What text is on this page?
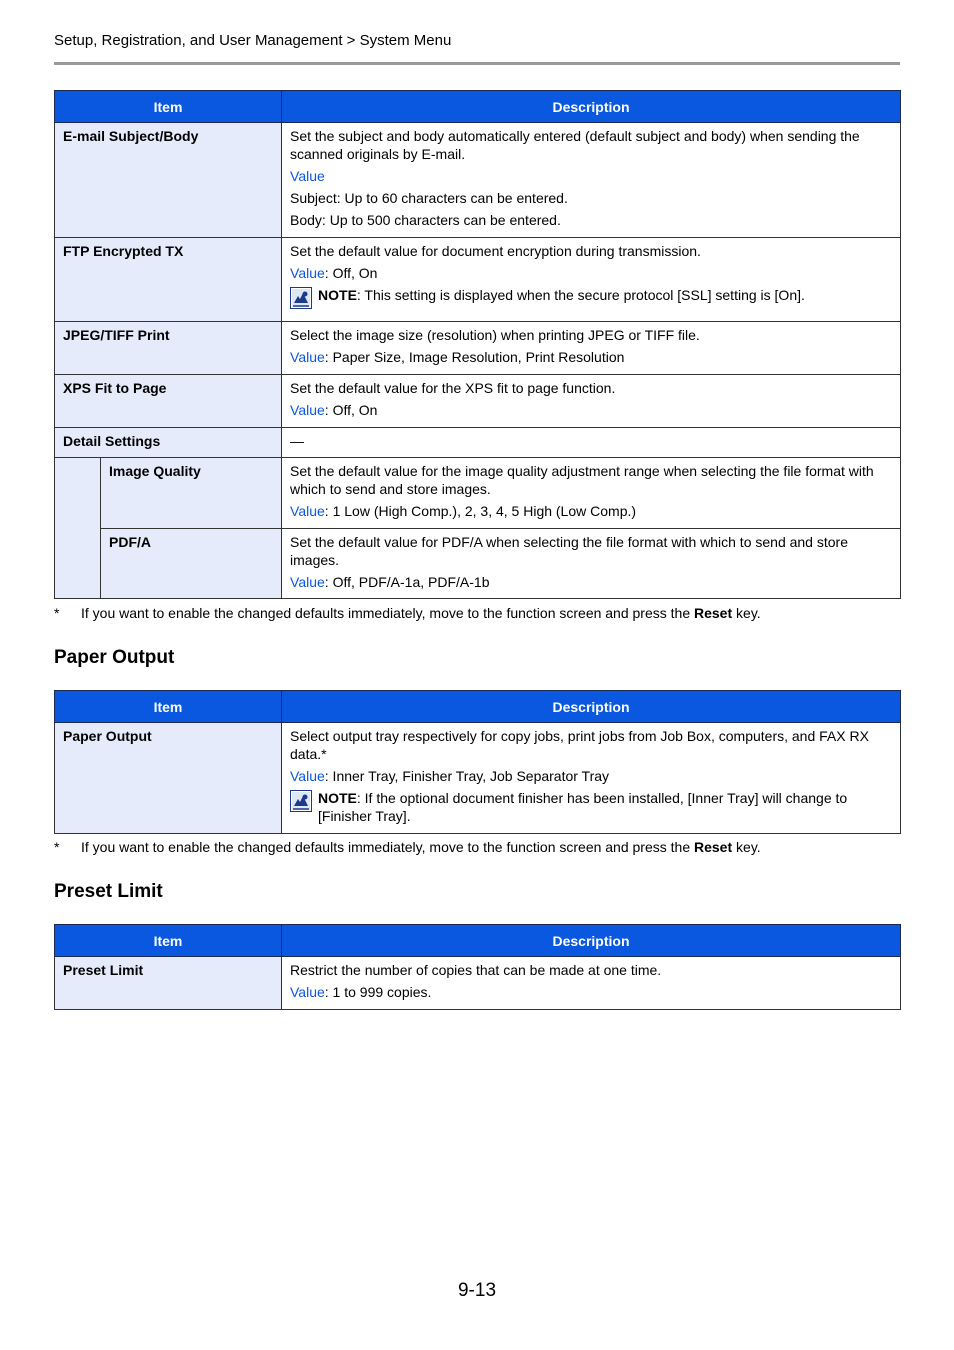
Setup, Registration, and User Management > System Menu
Item		Description
E-mail Subject/Body		Set the subject and body automatically entered (default subject and body) when sending the scanned originals by E-mail.

Value

Subject: Up to 60 characters can be entered.

Body: Up to 500 characters can be entered.

FTP Encrypted TX		Set the default value for document encryption during transmission.

Value: Off, On

NOTE: This setting is displayed when the secure protocol [SSL] setting is [On].

JPEG/TIFF Print		Select the image size (resolution) when printing JPEG or TIFF file.

Value: Paper Size, Image Resolution, Print Resolution

XPS Fit to Page		Set the default value for the XPS fit to page function.

Value: Off, On

Detail Settings		—
	Image Quality	Set the default value for the image quality adjustment range when selecting the file format with which to send and store images.

Value: 1 Low (High Comp.), 2, 3, 4, 5 High (Low Comp.)

	PDF/A	Set the default value for PDF/A when selecting the file format with which to send and store images.

Value: Off, PDF/A-1a, PDF/A-1b

* If you want to enable the changed defaults immediately, move to the function screen and press the Reset key.
Paper Output
Item	Description
Paper Output	Select output tray respectively for copy jobs, print jobs from Job Box, computers, and FAX RX data.*

Value: Inner Tray, Finisher Tray, Job Separator Tray

NOTE: If the optional document finisher has been installed, [Inner Tray] will change to [Finisher Tray].
* If you want to enable the changed defaults immediately, move to the function screen and press the Reset key.
Preset Limit
Item	Description
Preset Limit	Restrict the number of copies that can be made at one time.

Value: 1 to 999 copies.

9-13
